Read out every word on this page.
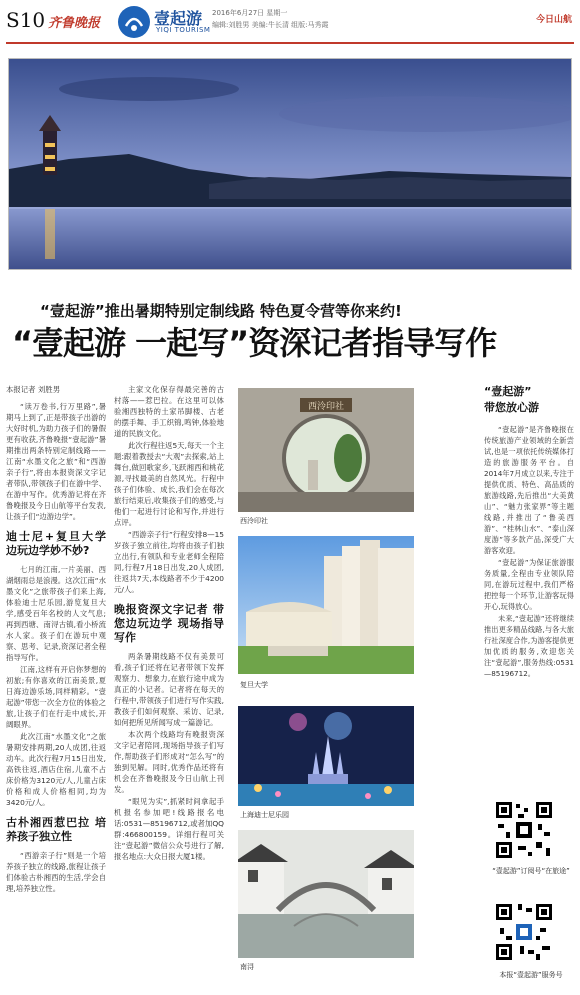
S10 齐鲁晚报	壹起游
YIQI TOURISM
2016年6月27日 星期一
编辑:刘胜男 美编:牛长清 组版:马秀霞	今日山航
“壹起游”推出暑期特别定制线路 特色夏令营等你来约!
“壹起游 一起写”资深记者指导写作
本报记者 刘胜男

“读万卷书,行万里路”,暑期马上到了,正是带孩子出游的大好时机,为助力孩子们的暑假更有收获,齐鲁晚报“壹起游”暑期推出两条特别定制线路——江南“水墨文化之旅”和“西游亲子行”,将由本报资深文字记者带队,带领孩子们在游中学、在游中写作。优秀游记将在齐鲁晚报及今日山航等平台发表,让孩子们“边游边学”。

迪士尼+复旦大学 边玩边学妙不妙?

七月的江南,一片美丽、西湖烟雨总是浪漫。这次江南“水墨文化”之旅带孩子们来上海,体验迪士尼乐园,游览复旦大学,感受百年名校的人文气息;再到西塘、南浔古镇,看小桥流水人家。孩子们在游玩中观察、思考、记录,资深记者全程指导写作。

江南,这样有开启你梦想的初旅;有你喜欢的江南美景,夏日海边游乐场,同样精彩。“壹起游”带您一次全方位的体验之旅,让孩子们在行走中成长,开阔眼界。

此次江南“水墨文化”之旅暑期安排两期,20人成团,往返动车。此次行程7月15日出发,高铁往返,酒店住宿,儿童不占床价格为3120元/人,儿童占床价格和成人价格相同,均为3420元/人。

古朴湘西惹巴拉 培养孩子独立性

“西游亲子行”则是一个培养孩子独立的线路,旅程让孩子们体验古朴湘西的生活,学会自理,培养独立性。

主家文化保存得最完善的古村落——惹巴拉。在这里可以体验湘西独特的土家吊脚楼、古老的摆手舞、手工织锦,鸣钟,体验地道的民族文化。

此次行程往返5天,每天一个主题:跟着教授去“大观”去探索,站上舞台,做回歌家乡,飞跃湘西和桃花源,寻找最美的自然风光。行程中孩子们体验、成长,我们会在每次旅行结束后,收集孩子们的感受,与他们一起进行讨论和写作,并进行点评。

“西游亲子行”行程安排8—15岁孩子独立前往,均将由孩子们独立出行,有领队和专业老师全程陪同,行程7月18日出发,20人成团,往返共7天,本线路者不少于4200元/人。

晚报资深文字记者 带您边玩边学 现场指导写作

两条暑期线路不仅有美景可看,孩子们还将在记者带领下发挥观察力、想象力,在旅行途中成为真正的小记者。记者将在每天的行程中,带领孩子们进行写作实践,教孩子们如何观察、采访、记录,如何把所见所闻写成一篇游记。

本次两个线路均有晚报资深文字记者陪同,现场指导孩子们写作,帮助孩子们形成对“怎么写”的独到见解。同时,优秀作品还将有机会在齐鲁晚报及今日山航上刊发。

“眼见为实”,抓紧时间拿起手机报名参加吧!线路报名电话:0531—85196712,或者加QQ群:466800159。详细行程可关注“壹起游”微信公众号进行了解,报名地点:大众日报大厦1楼。

西泠印社
西泠印社
复旦大学
上海迪士尼乐园
南浔
“壹起游”
带您放心游

“壹起游”是齐鲁晚报在传统旅游产业领域的全新尝试,也是一项依托传统媒体打造的旅游服务平台。自2014年7月成立以来,专注于提供优质、特色、高品质的旅游线路,先后推出“大美黄山”、“魅力张家界”等主题线路,并推出了“鲁美西游”、“桂林山水”、“泰山深度游”等多款产品,深受广大游客欢迎。

“壹起游”为保证旅游服务质量,全程由专业领队陪同,在游玩过程中,我们严格把控每一个环节,让游客玩得开心,玩得放心。

未来,“壹起游”还将继续推出更多精品线路,与各大旅行社深度合作,为游客提供更加优质的服务,欢迎您关注“壹起游”,服务热线:0531—85196712。

“壹起游”订阅号“在旅途”
本报“壹起游”服务号
